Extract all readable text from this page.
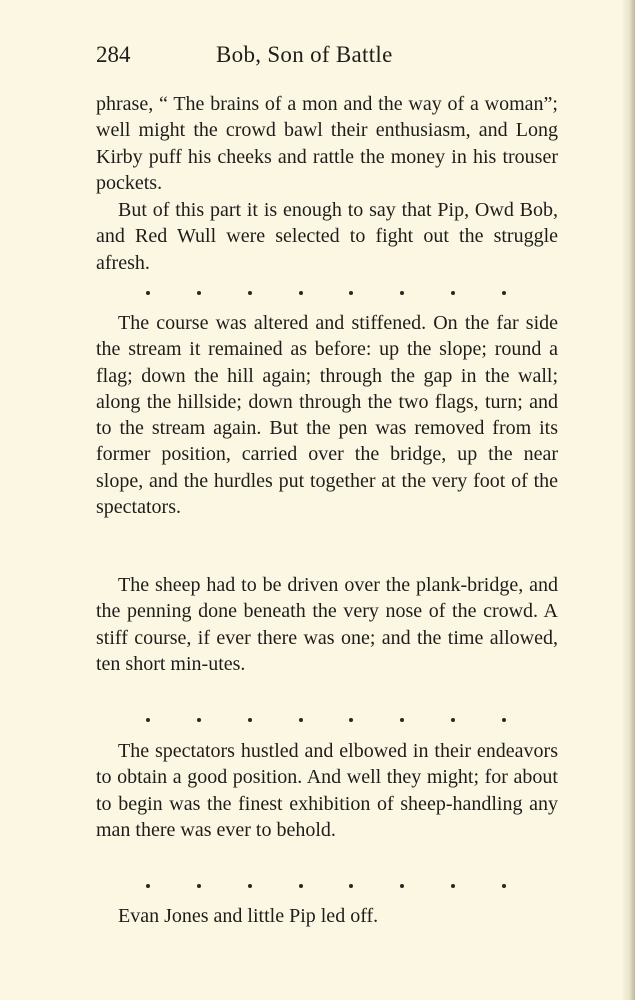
284	Bob, Son of Battle

phrase, “ The brains of a mon and the way of a woman”; well might the crowd bawl their enthusiasm, and Long Kirby puff his cheeks and rattle the money in his trouser pockets.

But of this part it is enough to say that Pip, Owd Bob, and Red Wull were selected to fight out the struggle afresh.

The course was altered and stiffened. On the far side the stream it remained as before: up the slope; round a flag; down the hill again; through the gap in the wall; along the hillside; down through the two flags, turn; and to the stream again. But the pen was removed from its former position, carried over the bridge, up the near slope, and the hurdles put together at the very foot of the spectators.

The sheep had to be driven over the plank-bridge, and the penning done beneath the very nose of the crowd. A stiff course, if ever there was one; and the time allowed, ten short min-utes.

The spectators hustled and elbowed in their endeavors to obtain a good position. And well they might; for about to begin was the finest exhibition of sheep-handling any man there was ever to behold.

Evan Jones and little Pip led off.
